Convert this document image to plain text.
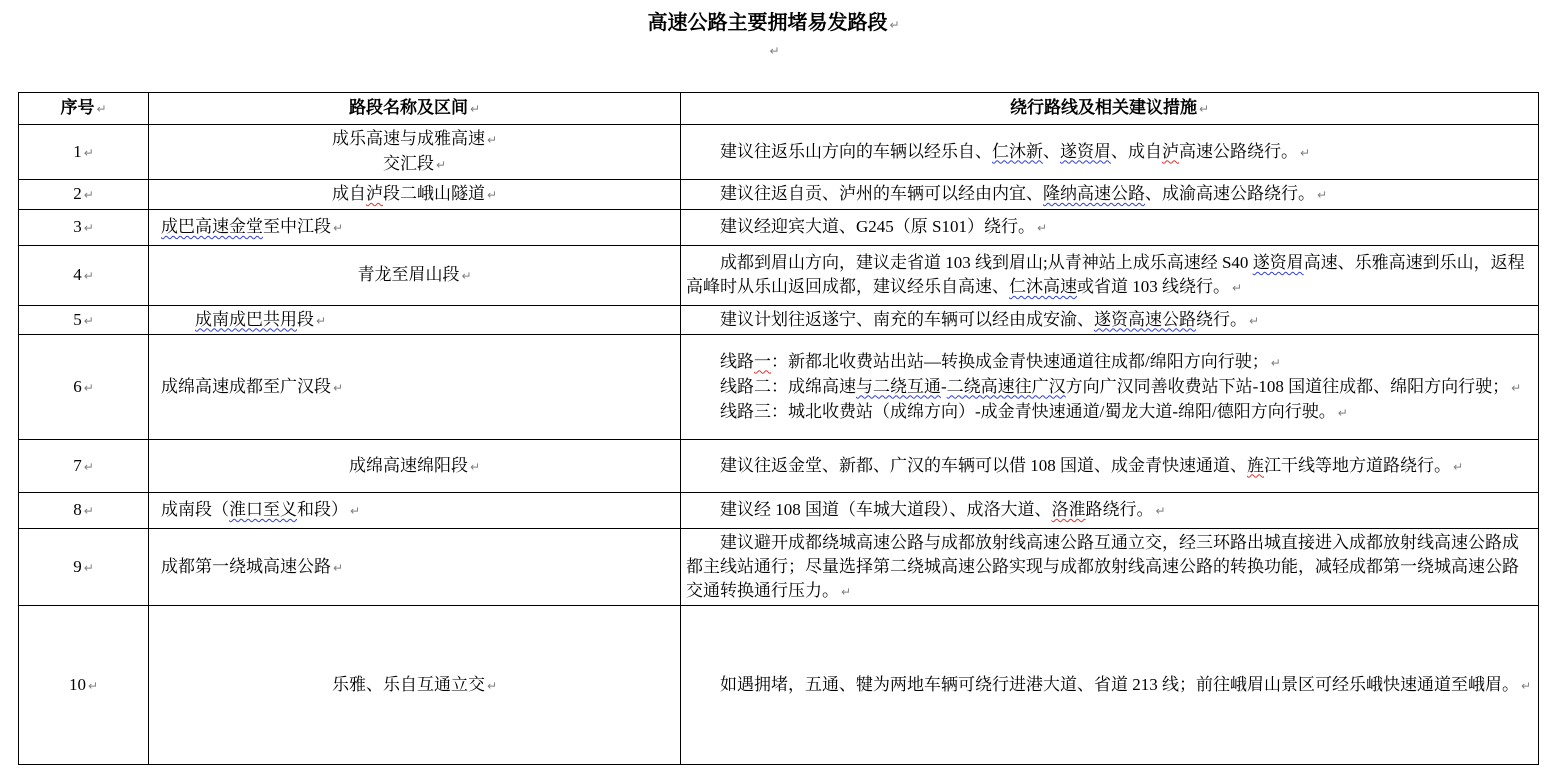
高速公路主要拥堵易发路段 ↵
↵
序号 ↵	路段名称及区间 ↵	绕行路线及相关建议措施 ↵
1 ↵	成乐高速与成雅高速 ↵
交汇段 ↵	建议往返乐山方向的车辆以经乐自、仁沐新、遂资眉、成自泸高速公路绕行。 ↵

2 ↵	成自泸段二峨山隧道 ↵	建议往返自贡、泸州的车辆可以经由内宜、隆纳高速公路、成渝高速公路绕行。 ↵

3 ↵	成巴高速金堂至中江段 ↵	建议经迎宾大道、G245（原 S101）绕行。 ↵

4 ↵	青龙至眉山段 ↵	成都到眉山方向，建议走省道 103 线到眉山;从青神站上成乐高速经 S40 遂资眉高速、乐雅高速到乐山，返程高峰时从乐山返回成都，建议经乐自高速、仁沐高速或省道 103 线绕行。 ↵

5 ↵	成南成巴共用段 ↵	建议计划往返遂宁、南充的车辆可以经由成安渝、遂资高速公路绕行。 ↵

6 ↵	成绵高速成都至广汉段 ↵	线路一：新都北收费站出站—转换成金青快速通道往成都/绵阳方向行驶； ↵
线路二：成绵高速与二绕互通-二绕高速往广汉方向广汉同善收费站下站-108 国道往成都、绵阳方向行驶； ↵
线路三：城北收费站（成绵方向）-成金青快速通道/蜀龙大道-绵阳/德阳方向行驶。 ↵

7 ↵	成绵高速绵阳段 ↵	建议往返金堂、新都、广汉的车辆可以借 108 国道、成金青快速通道、旌江干线等地方道路绕行。 ↵

8 ↵	成南段（淮口至义和段） ↵	建议经 108 国道（车城大道段）、成洛大道、洛淮路绕行。 ↵

9 ↵	成都第一绕城高速公路 ↵	建议避开成都绕城高速公路与成都放射线高速公路互通立交，经三环路出城直接进入成都放射线高速公路成都主线站通行；尽量选择第二绕城高速公路实现与成都放射线高速公路的转换功能，减轻成都第一绕城高速公路交通转换通行压力。 ↵

10 ↵	乐雅、乐自互通立交 ↵	如遇拥堵，五通、犍为两地车辆可绕行进港大道、省道 213 线；前往峨眉山景区可经乐峨快速通道至峨眉。 ↵
